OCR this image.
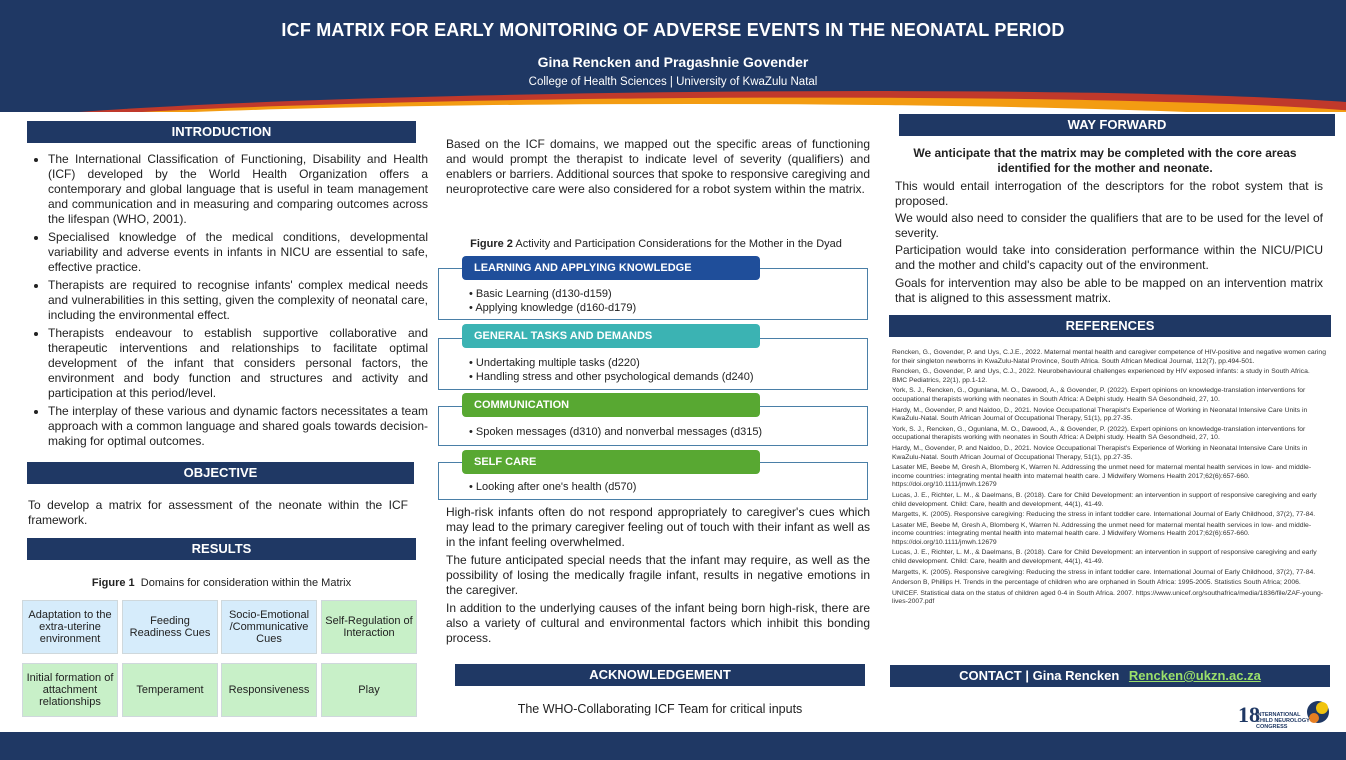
ICF MATRIX FOR EARLY MONITORING OF ADVERSE EVENTS IN THE NEONATAL PERIOD
Gina Rencken and Pragashnie Govender
College of Health Sciences | University of KwaZulu Natal
INTRODUCTION
• The International Classification of Functioning, Disability and Health (ICF) developed by the World Health Organization offers a contemporary and global language that is useful in team management and communication and in measuring and comparing outcomes across the lifespan (WHO, 2001).
• Specialised knowledge of the medical conditions, developmental variability and adverse events in infants in NICU are essential to safe, effective practice.
• Therapists are required to recognise infants' complex medical needs and vulnerabilities in this setting, given the complexity of neonatal care, including the environmental effect.
• Therapists endeavour to establish supportive collaborative and therapeutic interventions and relationships to facilitate optimal development of the infant that considers personal factors, the environment and body function and structures and activity and participation at this period/level.
• The interplay of these various and dynamic factors necessitates a team approach with a common language and shared goals towards decision-making for optimal outcomes.
OBJECTIVE
To develop a matrix for assessment of the neonate within the ICF framework.
RESULTS
Figure 1 Domains for consideration within the Matrix
Adaptation to the extra-uterine environment
Feeding Readiness Cues
Socio-Emotional /Communicative Cues
Self-Regulation of Interaction
Initial formation of attachment relationships
Temperament	Responsiveness	Play
Based on the ICF domains, we mapped out the specific areas of functioning and would prompt the therapist to indicate level of severity (qualifiers) and enablers or barriers. Additional sources that spoke to responsive caregiving and neuroprotective care were also considered for a robot system within the matrix.
Figure 2 Activity and Participation Considerations for the Mother in the Dyad
• Basic Learning (d130-d159)
• Applying knowledge (d160-d179)
LEARNING AND APPLYING KNOWLEDGE
• Undertaking multiple tasks (d220)
• Handling stress and other psychological demands (d240)
GENERAL TASKS AND DEMANDS
• Spoken messages (d310) and nonverbal messages (d315)
COMMUNICATION
• Looking after one's health (d570)
SELF CARE
High-risk infants often do not respond appropriately to caregiver's cues which may lead to the primary caregiver feeling out of touch with their infant as well as in the infant feeling overwhelmed.
The future anticipated special needs that the infant may require, as well as the possibility of losing the medically fragile infant, results in negative emotions in the caregiver.
In addition to the underlying causes of the infant being born high-risk, there are also a variety of cultural and environmental factors which inhibit this bonding process.
ACKNOWLEDGEMENT
The WHO-Collaborating ICF Team for critical inputs
WAY FORWARD
We anticipate that the matrix may be completed with the core areas identified for the mother and neonate.
This would entail interrogation of the descriptors for the robot system that is proposed.
We would also need to consider the qualifiers that are to be used for the level of severity.
Participation would take into consideration performance within the NICU/PICU and the mother and child's capacity out of the environment.
Goals for intervention may also be able to be mapped on an intervention matrix that is aligned to this assessment matrix.
REFERENCES

Rencken, G., Govender, P. and Uys, C.J.E., 2022. Maternal mental health and caregiver competence of HIV-positive and negative women caring for their singleton newborns in KwaZulu-Natal Province, South Africa. South African Medical Journal, 112(7), pp.494-501.

Rencken, G., Govender, P. and Uys, C.J., 2022. Neurobehavioural challenges experienced by HIV exposed infants: a study in South Africa. BMC Pediatrics, 22(1), pp.1-12.

York, S. J., Rencken, G., Ogunlana, M. O., Dawood, A., & Govender, P. (2022). Expert opinions on knowledge-translation interventions for occupational therapists working with neonates in South Africa: A Delphi study. Health SA Gesondheid, 27, 10.

Hardy, M., Govender, P. and Naidoo, D., 2021. Novice Occupational Therapist's Experience of Working in Neonatal Intensive Care Units in KwaZulu-Natal. South African Journal of Occupational Therapy, 51(1), pp.27-35.

York, S. J., Rencken, G., Ogunlana, M. O., Dawood, A., & Govender, P. (2022). Expert opinions on knowledge-translation interventions for occupational therapists working with neonates in South Africa: A Delphi study. Health SA Gesondheid, 27, 10.

Hardy, M., Govender, P. and Naidoo, D., 2021. Novice Occupational Therapist's Experience of Working in Neonatal Intensive Care Units in KwaZulu-Natal. South African Journal of Occupational Therapy, 51(1), pp.27-35.

Lasater ME, Beebe M, Gresh A, Blomberg K, Warren N. Addressing the unmet need for maternal mental health services in low- and middle-income countries: integrating mental health into maternal health care. J Midwifery Womens Health 2017;62(6):657-660. https://doi.org/10.1111/jmwh.12679

Lucas, J. E., Richter, L. M., & Daelmans, B. (2018). Care for Child Development: an intervention in support of responsive caregiving and early child development. Child: Care, health and development, 44(1), 41-49.

Margetts, K. (2005). Responsive caregiving: Reducing the stress in infant toddler care. International Journal of Early Childhood, 37(2), 77-84.

Lasater ME, Beebe M, Gresh A, Blomberg K, Warren N. Addressing the unmet need for maternal mental health services in low- and middle-income countries: integrating mental health into maternal health care. J Midwifery Womens Health 2017;62(6):657-660. https://doi.org/10.1111/jmwh.12679

Lucas, J. E., Richter, L. M., & Daelmans, B. (2018). Care for Child Development: an intervention in support of responsive caregiving and early child development. Child: Care, health and development, 44(1), 41-49.

Margetts, K. (2005). Responsive caregiving: Reducing the stress in infant toddler care. International Journal of Early Childhood, 37(2), 77-84.

Anderson B, Phillips H. Trends in the percentage of children who are orphaned in South Africa: 1995-2005. Statistics South Africa; 2006.

UNICEF. Statistical data on the status of children aged 0-4 in South Africa. 2007. https://www.unicef.org/southafrica/media/1836/file/ZAF-young-lives-2007.pdf

CONTACT | Gina Rencken Rencken@ukzn.ac.za
18
INTERNATIONAL CHILD NEUROLOGY CONGRESS
